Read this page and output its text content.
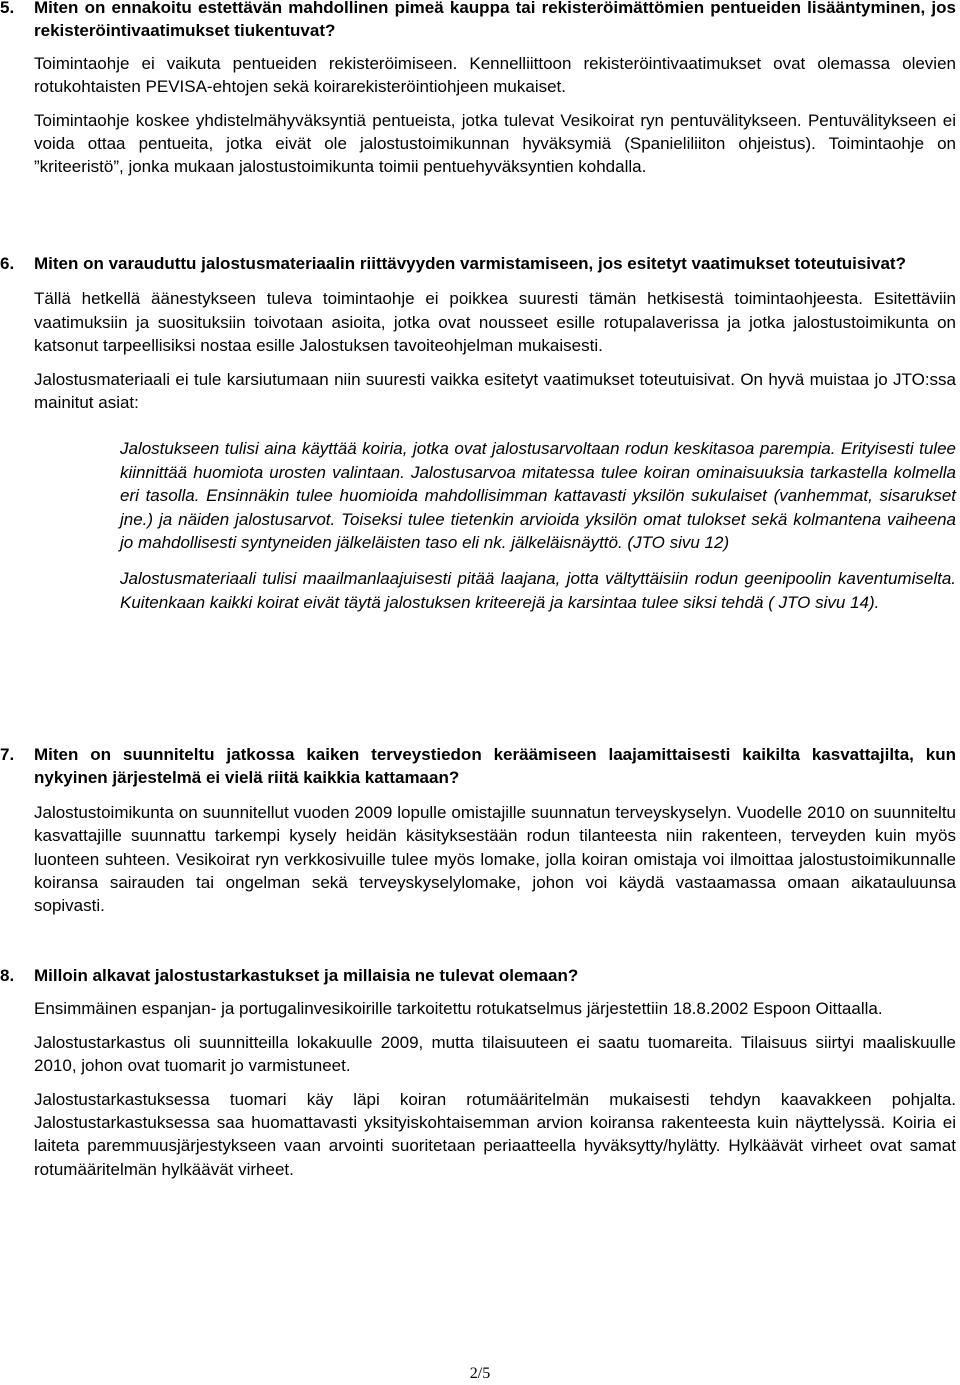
5.	Miten on ennakoitu estettävän mahdollinen pimeä kauppa tai rekisteröimättömien pentueiden lisääntyminen, jos rekisteröintivaatimukset tiukentuvat?
Toimintaohje ei vaikuta pentueiden rekisteröimiseen. Kennelliittoon rekisteröintivaatimukset ovat olemassa olevien rotukohtaisten PEVISA-ehtojen sekä koirarekisteröintiohjeen mukaiset.
Toimintaohje koskee yhdistelmähyväksyntiä pentueista, jotka tulevat Vesikoirat ryn pentuvälitykseen. Pentuvälitykseen ei voida ottaa pentueita, jotka eivät ole jalostustoimikunnan hyväksymiä (Spanieliliiton ohjeistus). Toimintaohje on ”kriteeristö”, jonka mukaan jalostustoimikunta toimii pentuehyväksyntien kohdalla.
6.	Miten on varauduttu jalostusmateriaalin riittävyyden varmistamiseen, jos esitetyt vaatimukset toteutuisivat?
Tällä hetkellä äänestykseen tuleva toimintaohje ei poikkea suuresti tämän hetkisestä toimintaohjeesta. Esitettäviin vaatimuksiin ja suosituksiin toivotaan asioita, jotka ovat nousseet esille rotupalaverissa ja jotka jalostustoimikunta on katsonut tarpeellisiksi nostaa esille Jalostuksen tavoiteohjelman mukaisesti.
Jalostusmateriaali ei tule karsiutumaan niin suuresti vaikka esitetyt vaatimukset toteutuisivat. On hyvä muistaa jo JTO:ssa mainitut asiat:
Jalostukseen tulisi aina käyttää koiria, jotka ovat jalostusarvoltaan rodun keskitasoa parempia. Erityisesti tulee kiinnittää huomiota urosten valintaan. Jalostusarvoa mitatessa tulee koiran ominaisuuksia tarkastella kolmella eri tasolla. Ensinnäkin tulee huomioida mahdollisimman kattavasti yksilön sukulaiset (vanhemmat, sisarukset jne.) ja näiden jalostusarvot. Toiseksi tulee tietenkin arvioida yksilön omat tulokset sekä kolmantena vaiheena jo mahdollisesti syntyneiden jälkeläisten taso eli nk. jälkeläisnäyttö. (JTO sivu 12)
Jalostusmateriaali tulisi maailmanlaajuisesti pitää laajana, jotta vältyttäisiin rodun geenipoolin kaventumiselta. Kuitenkaan kaikki koirat eivät täytä jalostuksen kriteerejä ja karsintaa tulee siksi tehdä ( JTO sivu 14).
7.	Miten on suunniteltu jatkossa kaiken terveystiedon keräämiseen laajamittaisesti kaikilta kasvattajilta, kun nykyinen järjestelmä ei vielä riitä kaikkia kattamaan?
Jalostustoimikunta on suunnitellut vuoden 2009 lopulle omistajille suunnatun terveyskyselyn. Vuodelle 2010 on suunniteltu kasvattajille suunnattu tarkempi kysely heidän käsityksestään rodun tilanteesta niin rakenteen, terveyden kuin myös luonteen suhteen. Vesikoirat ryn verkkosivuille tulee myös lomake, jolla koiran omistaja voi ilmoittaa jalostustoimikunnalle koiransa sairauden tai ongelman sekä terveyskyselylomake, johon voi käydä vastaamassa omaan aikatauluunsa sopivasti.
8.	Milloin alkavat jalostustarkastukset ja millaisia ne tulevat olemaan?
Ensimmäinen espanjan- ja portugalinvesikoirille tarkoitettu rotukatselmus järjestettiin 18.8.2002 Espoon Oittaalla.
Jalostustarkastus oli suunnitteilla lokakuulle 2009, mutta tilaisuuteen ei saatu tuomareita. Tilaisuus siirtyi maaliskuulle 2010, johon ovat tuomarit jo varmistuneet.
Jalostustarkastuksessa tuomari käy läpi koiran rotumääritelmän mukaisesti tehdyn kaavakkeen pohjalta. Jalostustarkastuksessa saa huomattavasti yksityiskohtaisemman arvion koiransa rakenteesta kuin näyttelyssä. Koiria ei laiteta paremmuusjärjestykseen vaan arvointi suoritetaan periaatteella hyväksytty/hylätty. Hylkäävät virheet ovat samat rotumääritelmän hylkäävät virheet.
2/5
